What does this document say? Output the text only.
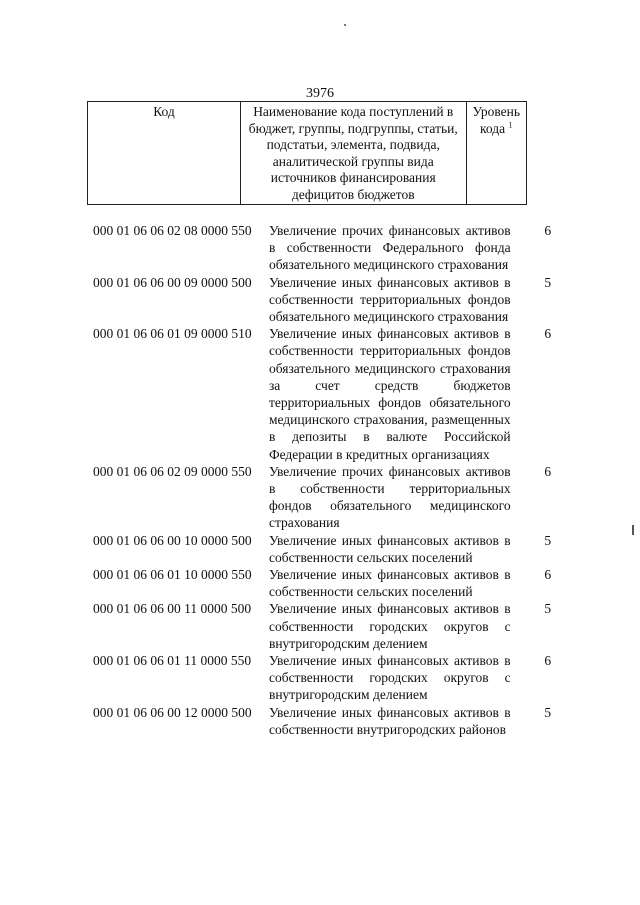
3976
Код	Наименование кода поступлений в бюджет, группы, подгруппы, статьи, подстатьи, элемента, подвида, аналитической группы вида источников финансирования дефицитов бюджетов	Уровень кода $^1$
000 01 06 06 02 08 0000 550	Увеличение прочих финансовых активов в собственности Федерального фонда обязательного медицинского страхования	6
000 01 06 06 00 09 0000 500	Увеличение иных финансовых активов в собственности территориальных фондов обязательного медицинского страхования	5
000 01 06 06 01 09 0000 510	Увеличение иных финансовых активов в собственности территориальных фондов обязательного медицинского страхования за счет средств бюджетов территориальных фондов обязательного медицинского страхования, размещенных в депозиты в валюте Российской Федерации в кредитных организациях	6
000 01 06 06 02 09 0000 550	Увеличение прочих финансовых активов в собственности территориальных фондов обязательного медицинского страхования	6
000 01 06 06 00 10 0000 500	Увеличение иных финансовых активов в собственности сельских поселений	5
000 01 06 06 01 10 0000 550	Увеличение иных финансовых активов в собственности сельских поселений	6
000 01 06 06 00 11 0000 500	Увеличение иных финансовых активов в собственности городских округов с внутригородским делением	5
000 01 06 06 01 11 0000 550	Увеличение иных финансовых активов в собственности городских округов с внутригородским делением	6
000 01 06 06 00 12 0000 500	Увеличение иных финансовых активов в собственности внутригородских районов	5
